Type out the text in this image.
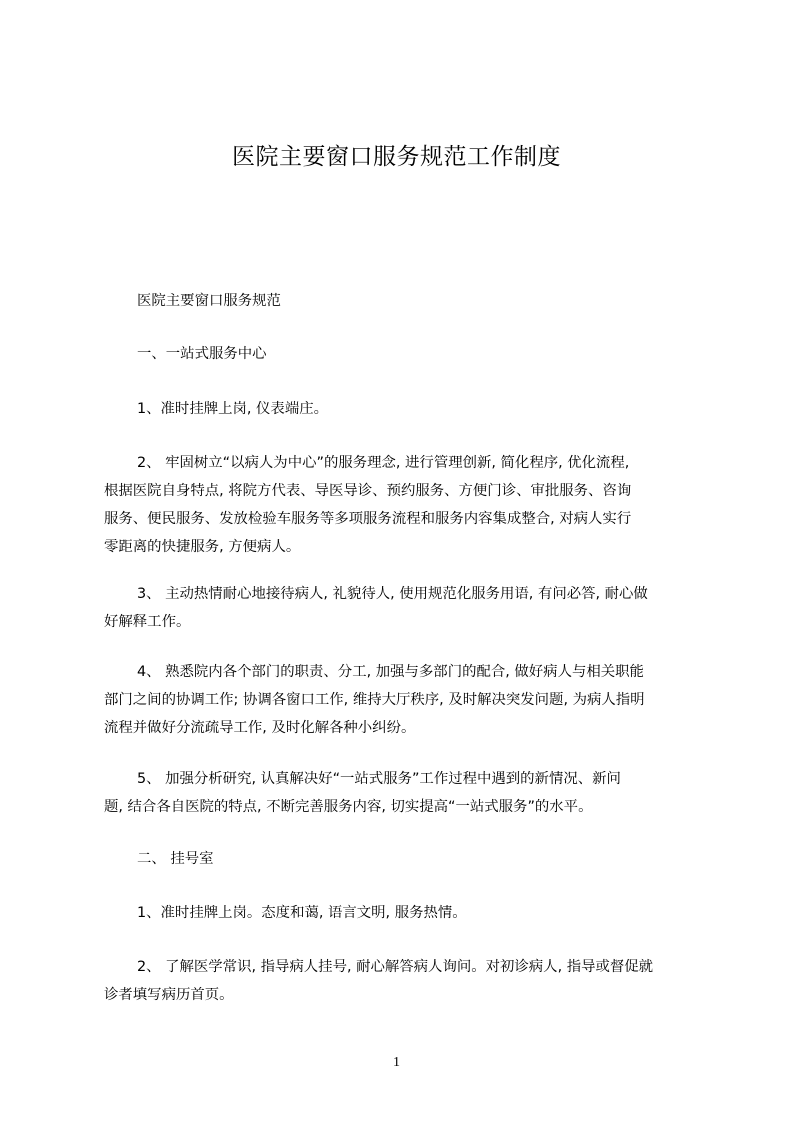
医院主要窗口服务规范工作制度
医院主要窗口服务规范
一、一站式服务中心
1、准时挂牌上岗, 仪表端庄。
2、 牢固树立“以病人为中心”的服务理念, 进行管理创新, 简化程序, 优化流程,
根据医院自身特点, 将院方代表、导医导诊、预约服务、方便门诊、审批服务、咨询
服务、便民服务、发放检验车服务等多项服务流程和服务内容集成整合, 对病人实行
零距离的快捷服务, 方便病人。
3、 主动热情耐心地接待病人, 礼貌待人, 使用规范化服务用语, 有问必答, 耐心做
好解释工作。
4、 熟悉院内各个部门的职责、分工, 加强与多部门的配合, 做好病人与相关职能
部门之间的协调工作; 协调各窗口工作, 维持大厅秩序, 及时解决突发问题, 为病人指明
流程并做好分流疏导工作, 及时化解各种小纠纷。
5、 加强分析研究, 认真解决好“一站式服务”工作过程中遇到的新情况、新问
题, 结合各自医院的特点, 不断完善服务内容, 切实提高“一站式服务”的水平。
二、 挂号室
1、准时挂牌上岗。态度和蔼, 语言文明, 服务热情。
2、 了解医学常识, 指导病人挂号, 耐心解答病人询问。对初诊病人, 指导或督促就
诊者填写病历首页。
1
